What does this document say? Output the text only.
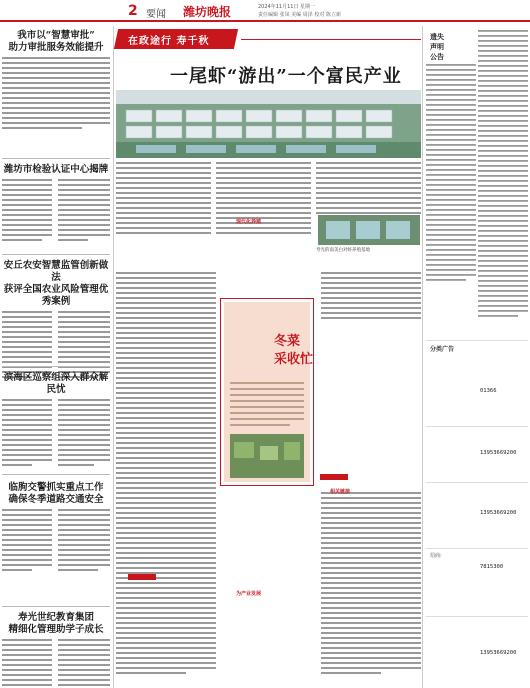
2 要闻 潍坊晚报	2024年11月11日 星期一
责任编辑 张凤 美编 周泽 校对 陈立新
我市以“智慧审批”
助力审批服务效能提升
潍坊市检验认证中心揭牌
安丘农安智慧监管创新做法
获评全国农业风险管理优秀案例
滨海区巡察组深入群众解民忧
临朐交警抓实重点工作
确保冬季道路交通安全
寿光世纪教育集团
精细化管理助学子成长
在政途行 寿千秋
一尾虾“游出”一个富民产业
寿光的南美白对虾养殖基地
冬菜
采收忙
现代化养殖
为产业发展
相关链接
遗失
声明
公告
分类广告
01366
13953669200
13953669200
招商:
7815300
13953669200
